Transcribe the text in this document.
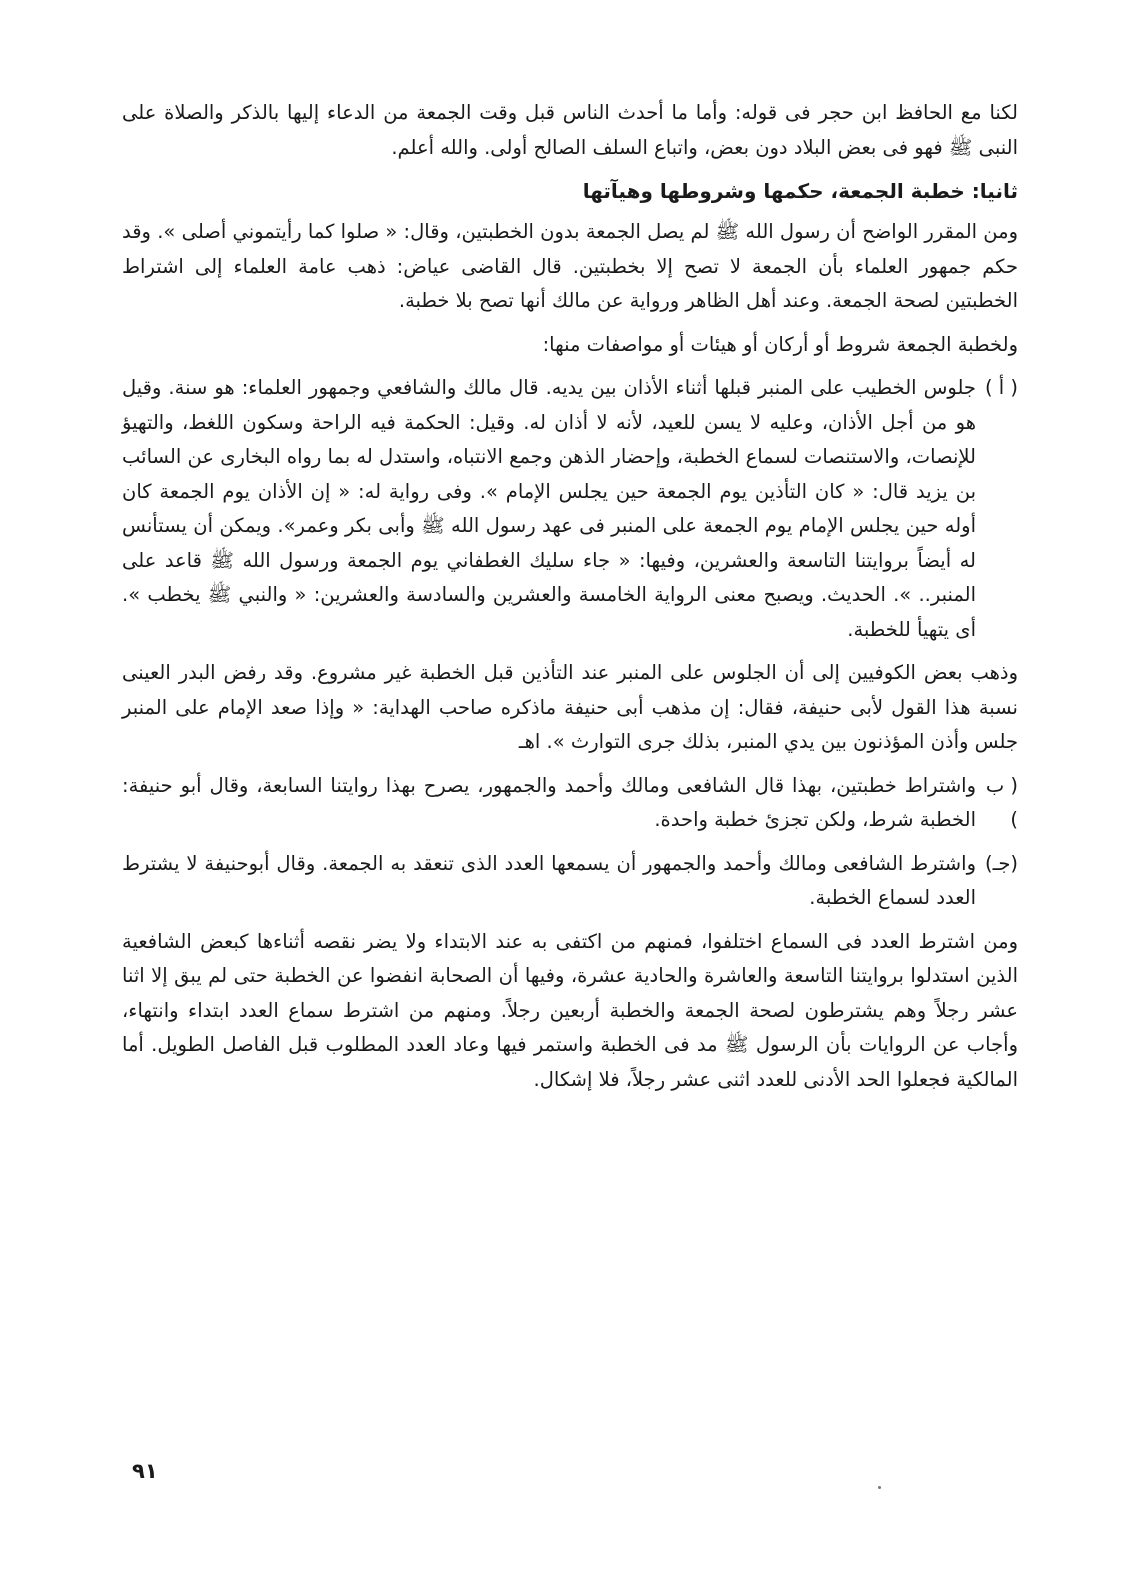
لكنا مع الحافظ ابن حجر فى قوله: وأما ما أحدث الناس قبل وقت الجمعة من الدعاء إليها بالذكر والصلاة على النبى ﷺ فهو فى بعض البلاد دون بعض، واتباع السلف الصالح أولى. والله أعلم.

ثانيا: خطبة الجمعة، حكمها وشروطها وهيآتها

ومن المقرر الواضح أن رسول الله ﷺ لم يصل الجمعة بدون الخطبتين، وقال: « صلوا كما رأيتموني أصلى ». وقد حكم جمهور العلماء بأن الجمعة لا تصح إلا بخطبتين. قال القاضى عياض: ذهب عامة العلماء إلى اشتراط الخطبتين لصحة الجمعة. وعند أهل الظاهر ورواية عن مالك أنها تصح بلا خطبة.

ولخطبة الجمعة شروط أو أركان أو هيئات أو مواصفات منها:

( أ )
جلوس الخطيب على المنبر قبلها أثناء الأذان بين يديه. قال مالك والشافعي وجمهور العلماء: هو سنة. وقيل هو من أجل الأذان، وعليه لا يسن للعيد، لأنه لا أذان له. وقيل: الحكمة فيه الراحة وسكون اللغط، والتهيؤ للإنصات، والاستنصات لسماع الخطبة، وإحضار الذهن وجمع الانتباه، واستدل له بما رواه البخارى عن السائب بن يزيد قال: « كان التأذين يوم الجمعة حين يجلس الإمام ». وفى رواية له: « إن الأذان يوم الجمعة كان أوله حين يجلس الإمام يوم الجمعة على المنبر فى عهد رسول الله ﷺ وأبى بكر وعمر». ويمكن أن يستأنس له أيضاً بروايتنا التاسعة والعشرين، وفيها: « جاء سليك الغطفاني يوم الجمعة ورسول الله ﷺ قاعد على المنبر.. ». الحديث. ويصبح معنى الرواية الخامسة والعشرين والسادسة والعشرين: « والنبي ﷺ يخطب ». أى يتهيأ للخطبة.

وذهب بعض الكوفيين إلى أن الجلوس على المنبر عند التأذين قبل الخطبة غير مشروع. وقد رفض البدر العينى نسبة هذا القول لأبى حنيفة، فقال: إن مذهب أبى حنيفة ماذكره صاحب الهداية: « وإذا صعد الإمام على المنبر جلس وأذن المؤذنون بين يدي المنبر، بذلك جرى التوارث ». اهـ

( ب )
واشتراط خطبتين، بهذا قال الشافعى ومالك وأحمد والجمهور، يصرح بهذا روايتنا السابعة، وقال أبو حنيفة: الخطبة شرط، ولكن تجزئ خطبة واحدة.
(جـ)
واشترط الشافعى ومالك وأحمد والجمهور أن يسمعها العدد الذى تنعقد به الجمعة. وقال أبوحنيفة لا يشترط العدد لسماع الخطبة.

ومن اشترط العدد فى السماع اختلفوا، فمنهم من اكتفى به عند الابتداء ولا يضر نقصه أثناءها كبعض الشافعية الذين استدلوا بروايتنا التاسعة والعاشرة والحادية عشرة، وفيها أن الصحابة انفضوا عن الخطبة حتى لم يبق إلا اثنا عشر رجلاً وهم يشترطون لصحة الجمعة والخطبة أربعين رجلاً. ومنهم من اشترط سماع العدد ابتداء وانتهاء، وأجاب عن الروايات بأن الرسول ﷺ مد فى الخطبة واستمر فيها وعاد العدد المطلوب قبل الفاصل الطويل. أما المالكية فجعلوا الحد الأدنى للعدد اثنى عشر رجلاً، فلا إشكال.

٩١
